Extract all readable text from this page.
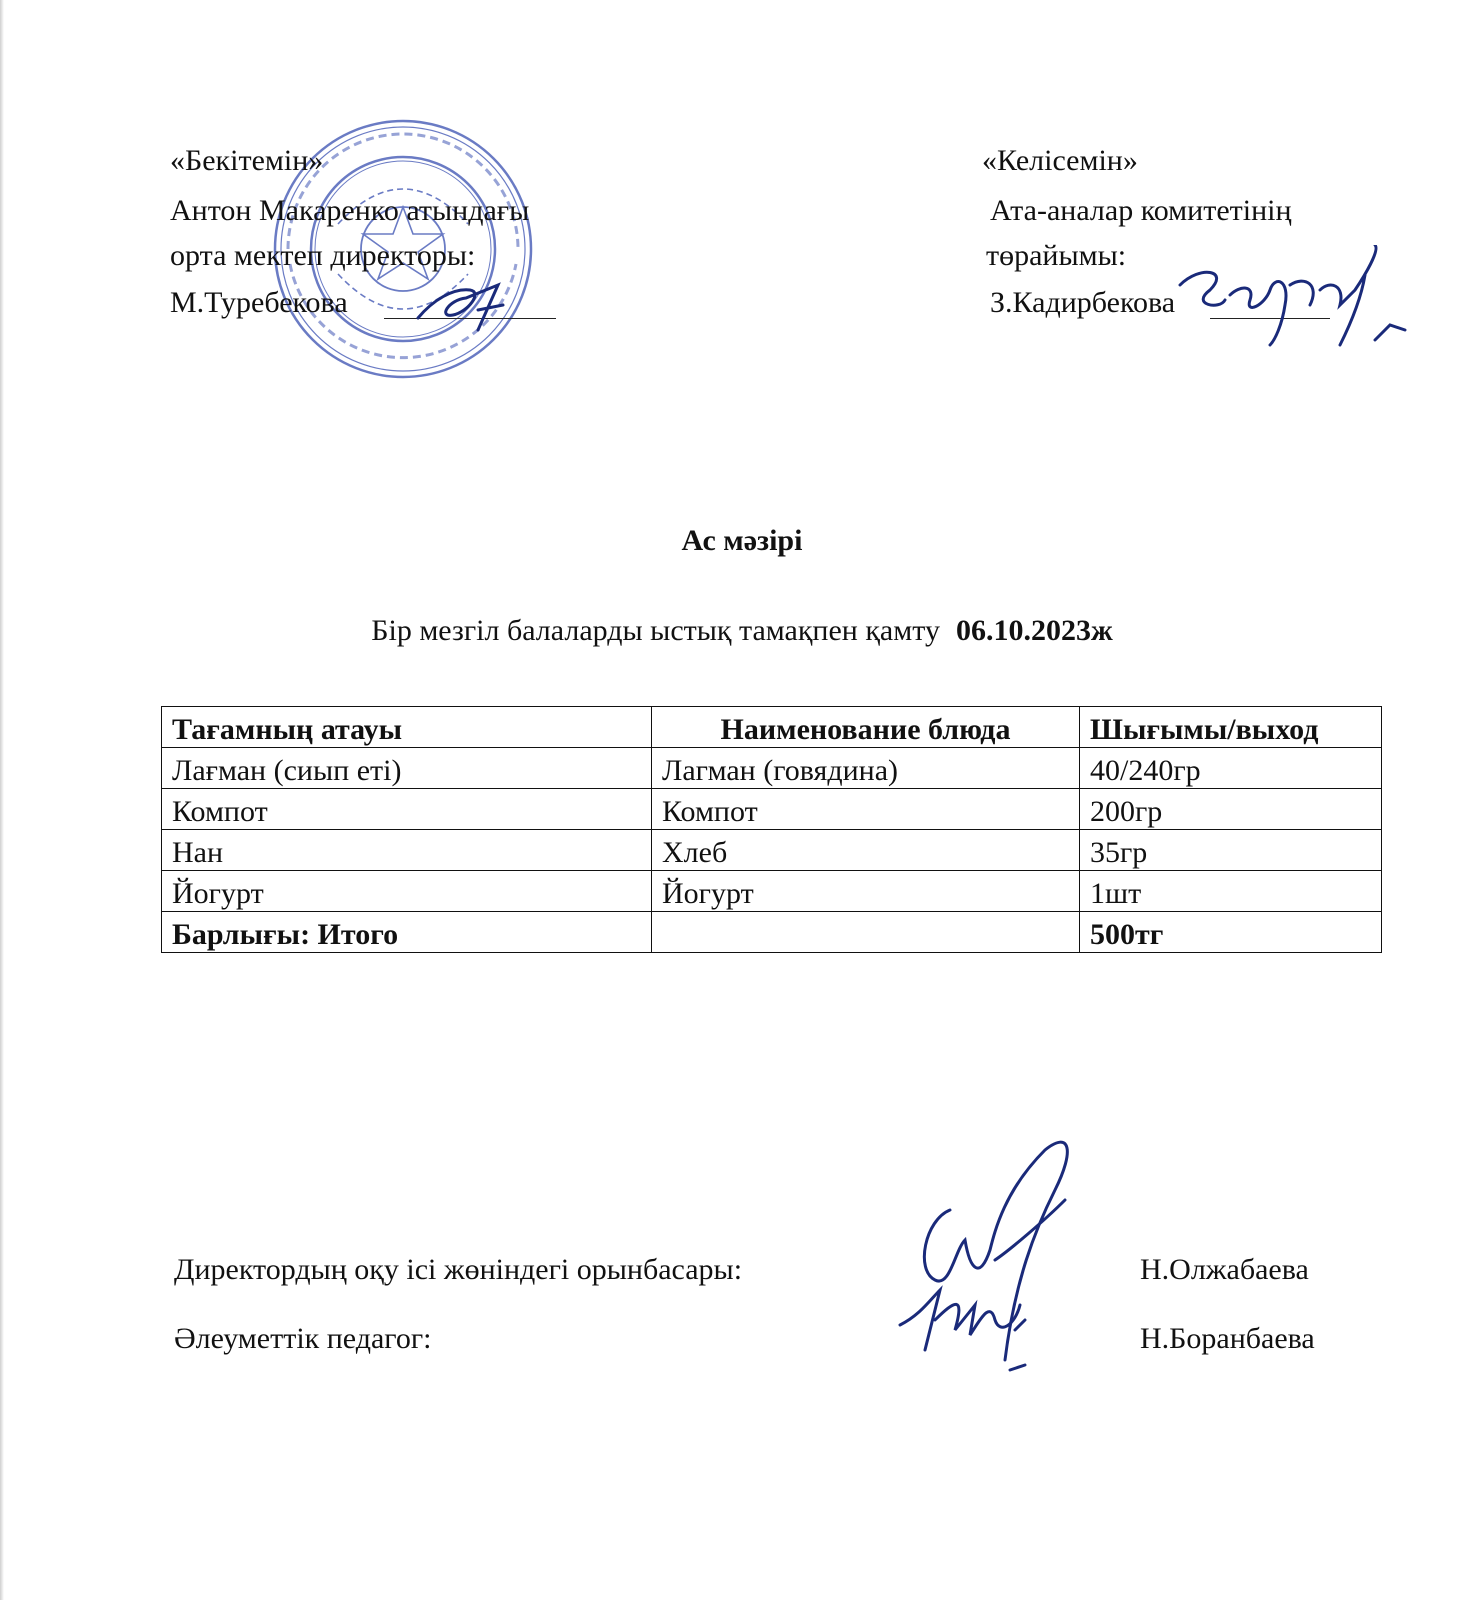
«Бекітемін»
Антон Макаренко атындағы
орта мектеп директоры:
М.Туребекова
«Келісемін»
Ата-аналар комитетінің
төрайымы:
З.Кадирбекова
Ас мәзірі
Бір мезгіл балаларды ыстық тамақпен қамту 06.10.2023ж
Тағамның атауы	Наименование блюда	Шығымы/выход
Лағман (сиып еті)	Лагман (говядина)	40/240гр
Компот	Компот	200гр
Нан	Хлеб	35гр
Йогурт	Йогурт	1шт
Барлығы: Итого		500тг
Директордың оқу ісі жөніндегі орынбасары:	Н.Олжабаева
Әлеуметтік педагог:	Н.Боранбаева
